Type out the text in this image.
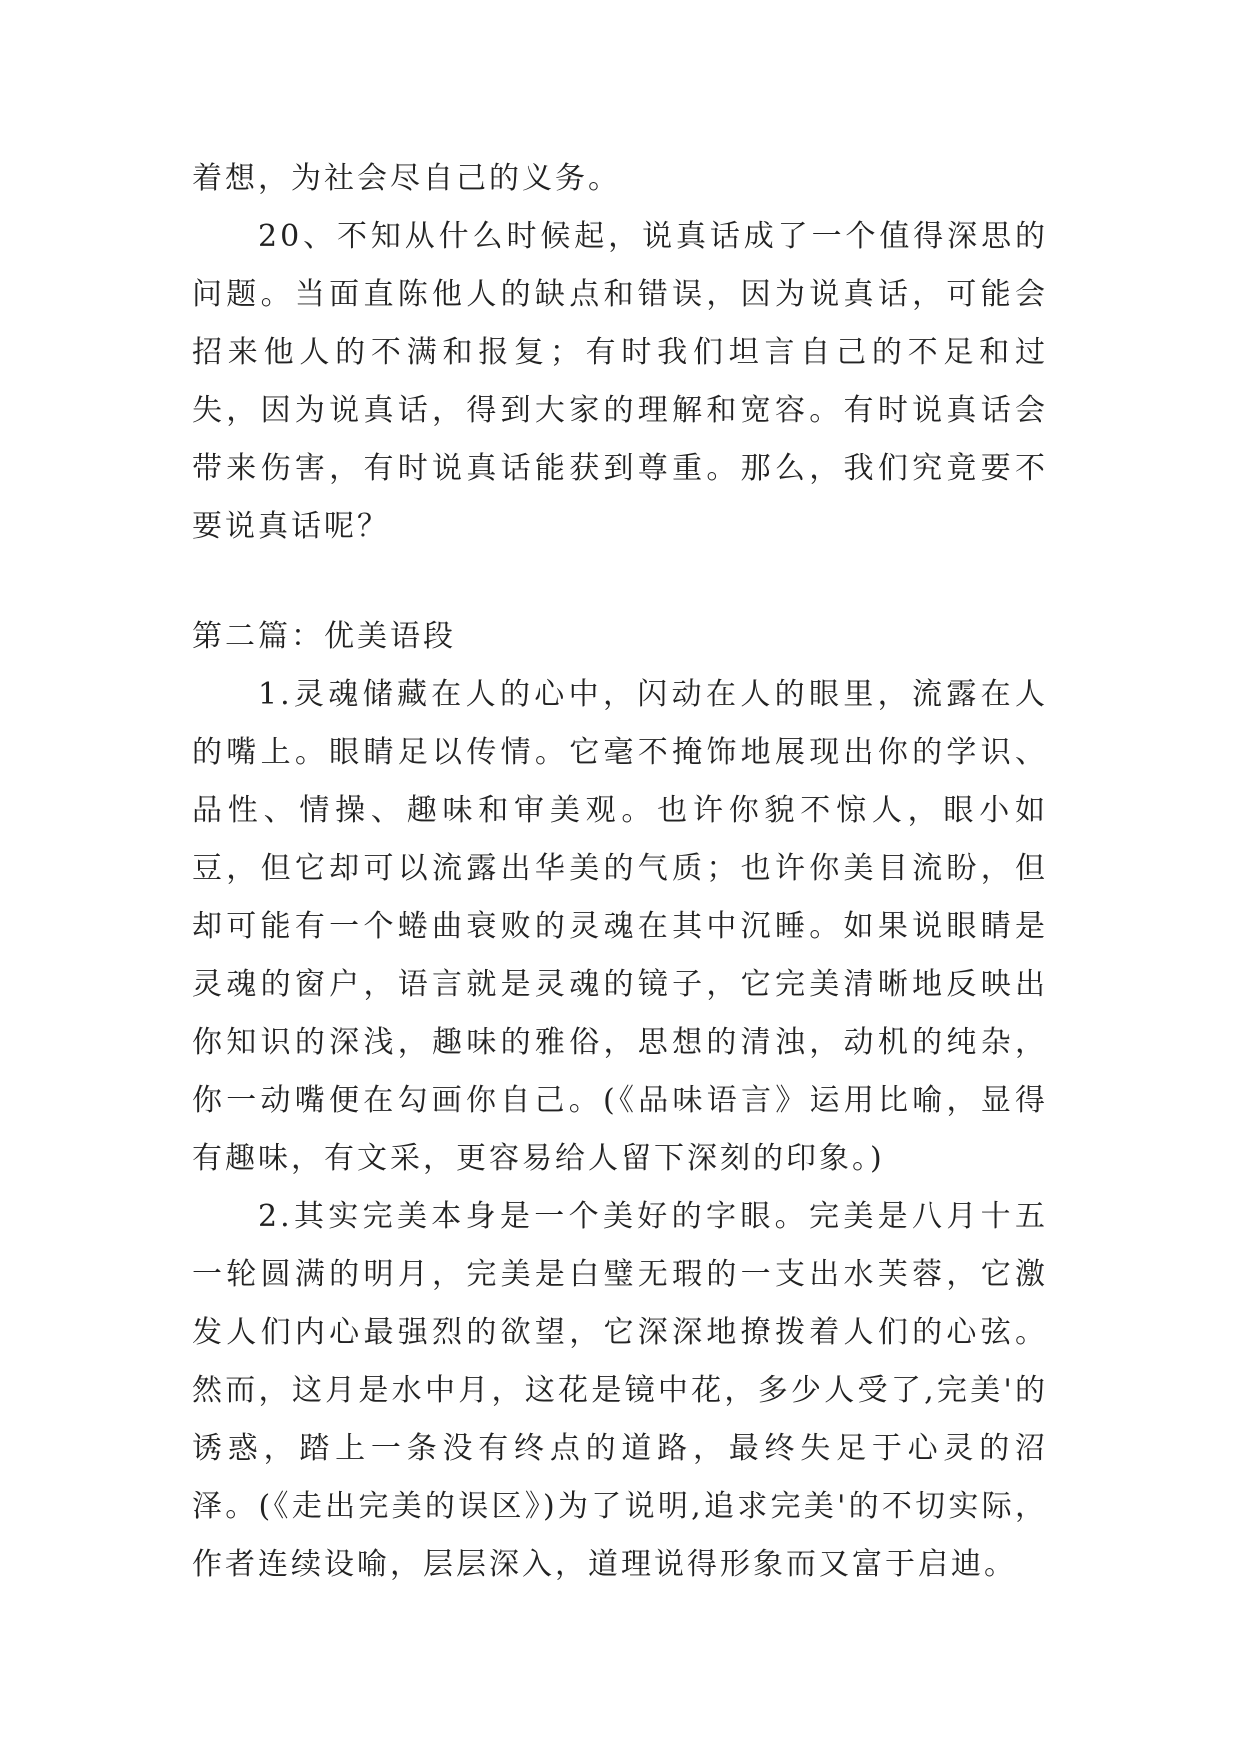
着想，为社会尽自己的义务。

20、不知从什么时候起，说真话成了一个值得深思的问题。当面直陈他人的缺点和错误，因为说真话，可能会招来他人的不满和报复；有时我们坦言自己的不足和过失，因为说真话，得到大家的理解和宽容。有时说真话会带来伤害，有时说真话能获到尊重。那么，我们究竟要不要说真话呢？

第二篇：优美语段

1.灵魂储藏在人的心中，闪动在人的眼里，流露在人的嘴上。眼睛足以传情。它毫不掩饰地展现出你的学识、品性、情操、趣味和审美观。也许你貌不惊人，眼小如豆，但它却可以流露出华美的气质；也许你美目流盼，但却可能有一个蜷曲衰败的灵魂在其中沉睡。如果说眼睛是灵魂的窗户，语言就是灵魂的镜子，它完美清晰地反映出你知识的深浅，趣味的雅俗，思想的清浊，动机的纯杂，你一动嘴便在勾画你自己。(《品味语言》运用比喻，显得有趣味，有文采，更容易给人留下深刻的印象。)

2.其实完美本身是一个美好的字眼。完美是八月十五一轮圆满的明月，完美是白璧无瑕的一支出水芙蓉，它激发人们内心最强烈的欲望，它深深地撩拨着人们的心弦。然而，这月是水中月，这花是镜中花，多少人受了,完美'的诱惑，踏上一条没有终点的道路，最终失足于心灵的沼泽。(《走出完美的误区》)为了说明,追求完美'的不切实际，作者连续设喻，层层深入，道理说得形象而又富于启迪。
